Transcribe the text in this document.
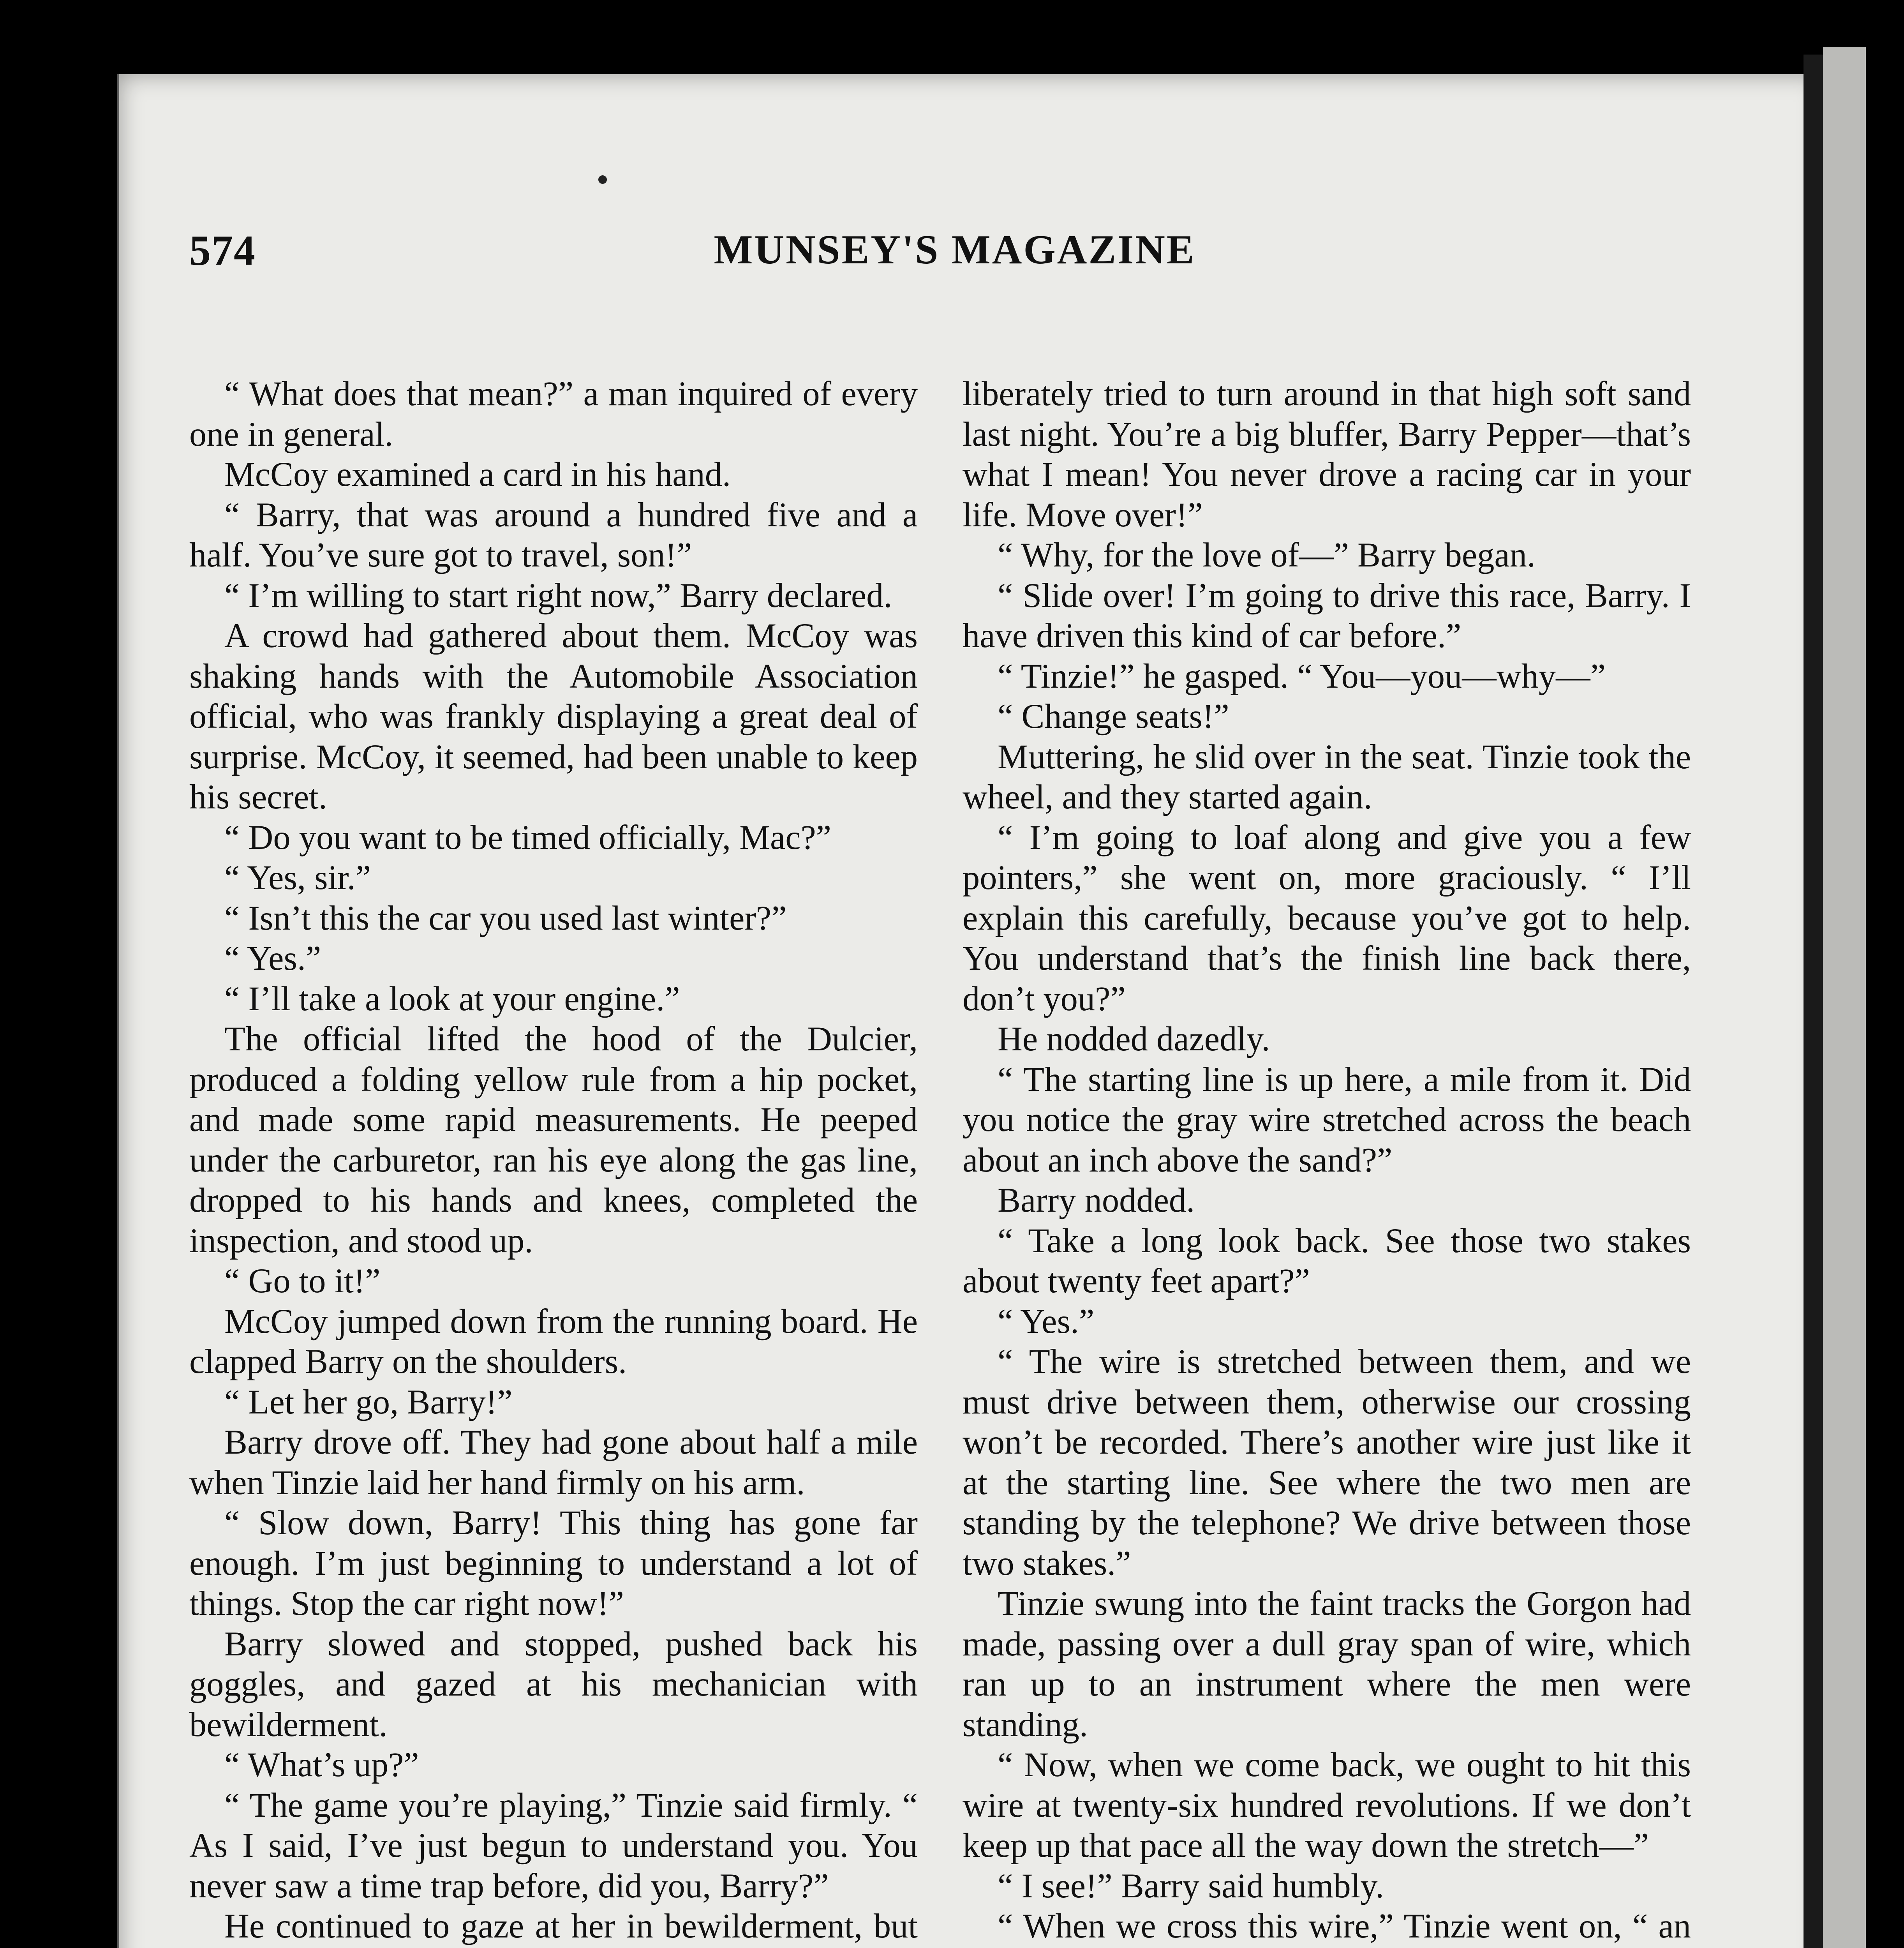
574	MUNSEY'S MAGAZINE

“ What does that mean?” a man inquired of every one in general.

McCoy examined a card in his hand.

“ Barry, that was around a hundred five and a half. You’ve sure got to travel, son!”

“ I’m willing to start right now,” Barry declared.

A crowd had gathered about them. McCoy was shaking hands with the Automobile Association official, who was frankly displaying a great deal of surprise. McCoy, it seemed, had been unable to keep his secret.

“ Do you want to be timed officially, Mac?”

“ Yes, sir.”

“ Isn’t this the car you used last winter?”

“ Yes.”

“ I’ll take a look at your engine.”

The official lifted the hood of the Dulcier, produced a folding yellow rule from a hip pocket, and made some rapid measurements. He peeped under the carburetor, ran his eye along the gas line, dropped to his hands and knees, completed the inspection, and stood up.

“ Go to it!”

McCoy jumped down from the running board. He clapped Barry on the shoulders.

“ Let her go, Barry!”

Barry drove off. They had gone about half a mile when Tinzie laid her hand firmly on his arm.

“ Slow down, Barry! This thing has gone far enough. I’m just beginning to understand a lot of things. Stop the car right now!”

Barry slowed and stopped, pushed back his goggles, and gazed at his mechanician with bewilderment.

“ What’s up?”

“ The game you’re playing,” Tinzie said firmly. “ As I said, I’ve just begun to understand you. You never saw a time trap before, did you, Barry?”

He continued to gaze at her in bewilderment, but

liberately tried to turn around in that high soft sand last night. You’re a big bluffer, Barry Pepper—that’s what I mean! You never drove a racing car in your life. Move over!”

“ Why, for the love of—” Barry began.

“ Slide over! I’m going to drive this race, Barry. I have driven this kind of car before.”

“ Tinzie!” he gasped. “ You—you—why—”

“ Change seats!”

Muttering, he slid over in the seat. Tinzie took the wheel, and they started again.

“ I’m going to loaf along and give you a few pointers,” she went on, more graciously. “ I’ll explain this carefully, because you’ve got to help. You understand that’s the finish line back there, don’t you?”

He nodded dazedly.

“ The starting line is up here, a mile from it. Did you notice the gray wire stretched across the beach about an inch above the sand?”

Barry nodded.

“ Take a long look back. See those two stakes about twenty feet apart?”

“ Yes.”

“ The wire is stretched between them, and we must drive between them, otherwise our crossing won’t be recorded. There’s another wire just like it at the starting line. See where the two men are standing by the telephone? We drive between those two stakes.”

Tinzie swung into the faint tracks the Gorgon had made, passing over a dull gray span of wire, which ran up to an instrument where the men were standing.

“ Now, when we come back, we ought to hit this wire at twenty-six hundred revolutions. If we don’t keep up that pace all the way down the stretch—”

“ I see!” Barry said humbly.

“ When we cross this wire,” Tinzie went on, “ an
